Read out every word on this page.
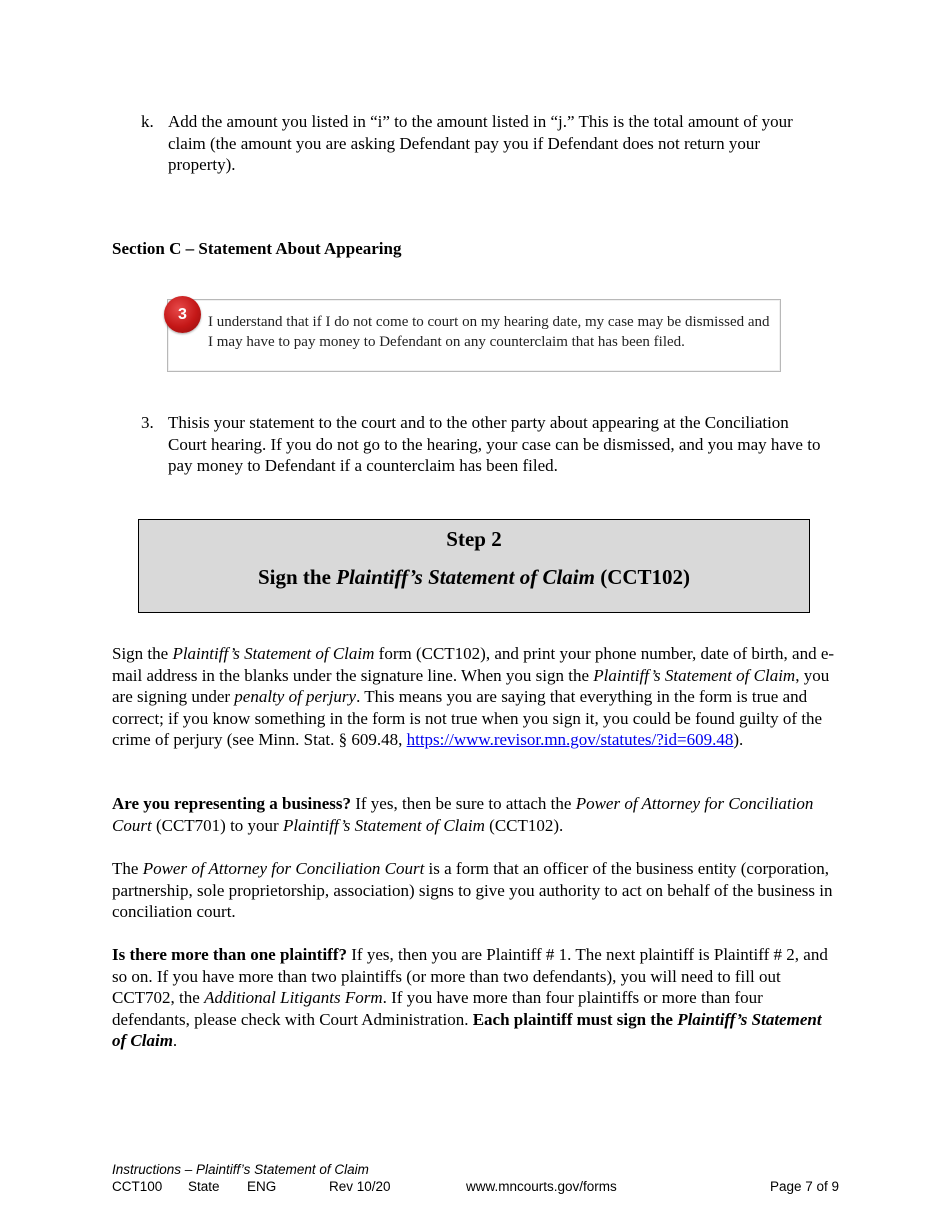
k. Add the amount you listed in “i” to the amount listed in “j.” This is the total amount of your claim (the amount you are asking Defendant pay you if Defendant does not return your property).
Section C – Statement About Appearing
I understand that if I do not come to court on my hearing date, my case may be dismissed and I may have to pay money to Defendant on any counterclaim that has been filed.
3
3. Thisis your statement to the court and to the other party about appearing at the Conciliation Court hearing. If you do not go to the hearing, your case can be dismissed, and you may have to pay money to Defendant if a counterclaim has been filed.
Step 2
Sign the Plaintiff’s Statement of Claim (CCT102)
Sign the Plaintiff’s Statement of Claim form (CCT102), and print your phone number, date of birth, and e-mail address in the blanks under the signature line. When you sign the Plaintiff’s Statement of Claim, you are signing under penalty of perjury. This means you are saying that everything in the form is true and correct; if you know something in the form is not true when you sign it, you could be found guilty of the crime of perjury (see Minn. Stat. § 609.48, https://www.revisor.mn.gov/statutes/?id=609.48).
Are you representing a business? If yes, then be sure to attach the Power of Attorney for Conciliation Court (CCT701) to your Plaintiff’s Statement of Claim (CCT102).
The Power of Attorney for Conciliation Court is a form that an officer of the business entity (corporation, partnership, sole proprietorship, association) signs to give you authority to act on behalf of the business in conciliation court.
Is there more than one plaintiff? If yes, then you are Plaintiff # 1. The next plaintiff is Plaintiff # 2, and so on. If you have more than two plaintiffs (or more than two defendants), you will need to fill out CCT702, the Additional Litigants Form. If you have more than four plaintiffs or more than four defendants, please check with Court Administration. Each plaintiff must sign the Plaintiff’s Statement of Claim.
Instructions – Plaintiff’s Statement of Claim
CCT100 State ENG	Rev 10/20	www.mncourts.gov/forms	Page 7 of 9
